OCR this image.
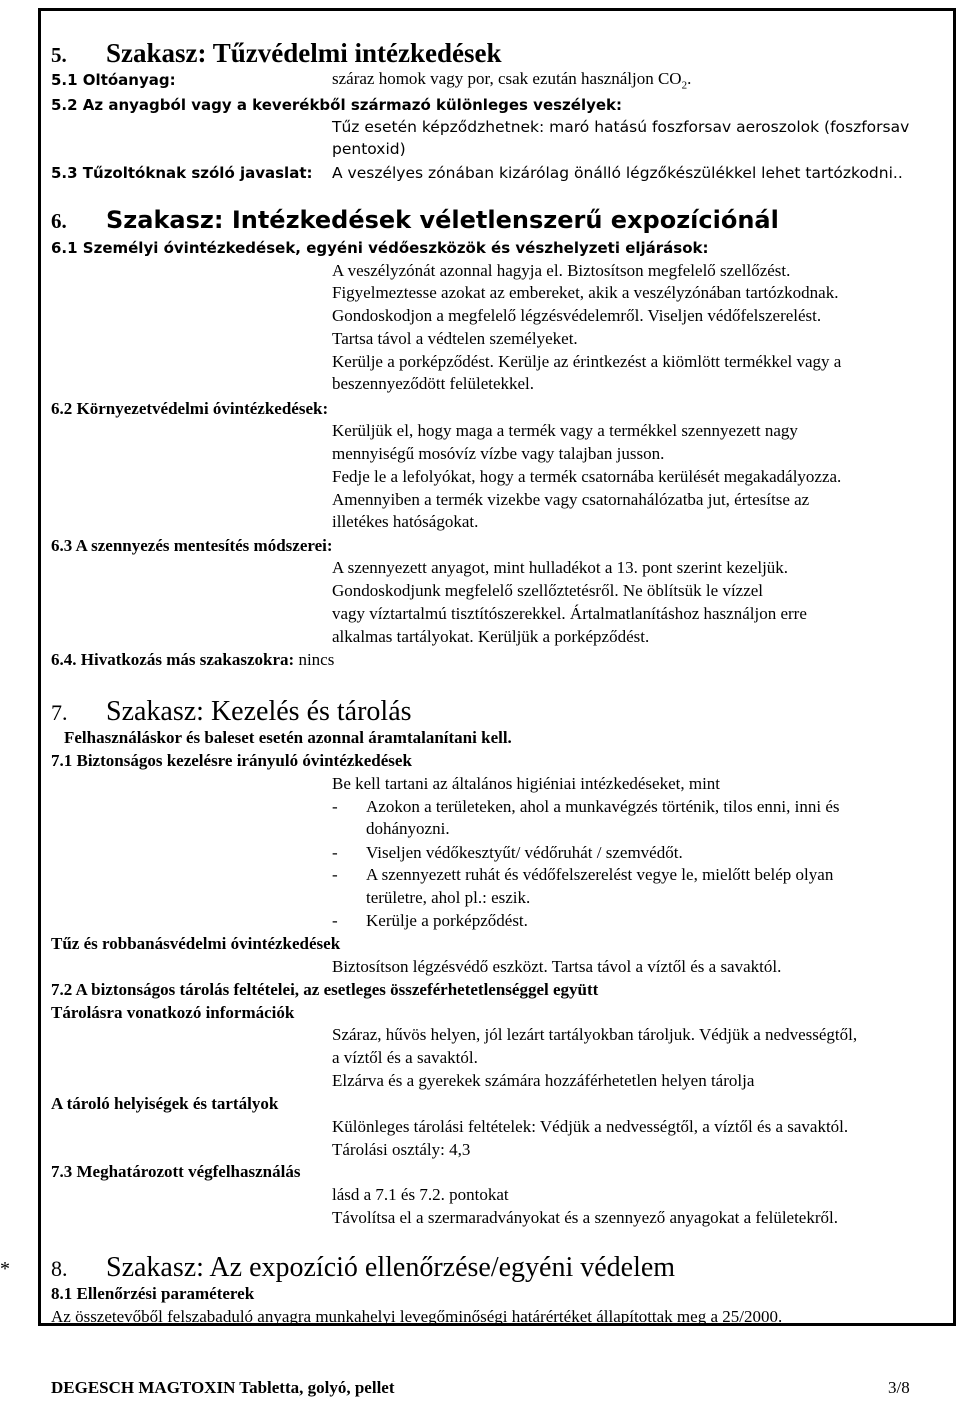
5. Szakasz: Tűzvédelmi intézkedések
5.1 Oltóanyag:	száraz homok vagy por, csak ezután használjon $CO_2$.
5.2 Az anyagból vagy a keverékből származó különleges veszélyek:
Tűz esetén képződzhetnek: maró hatású foszforsav aeroszolok (foszforsav
pentoxid)
5.3 Tűzoltóknak szóló javaslat: A veszélyes zónában kizárólag önálló légzőkészülékkel lehet tartózkodni..
6. Szakasz: Intézkedések véletlenszerű expozíciónál
6.1 Személyi óvintézkedések, egyéni védőeszközök és vészhelyzeti eljárások:
A veszélyzónát azonnal hagyja el. Biztosítson megfelelő szellőzést.
Figyelmeztesse azokat az embereket, akik a veszélyzónában tartózkodnak.
Gondoskodjon a megfelelő légzésvédelemről. Viseljen védőfelszerelést.
Tartsa távol a védtelen személyeket.
Kerülje a porképződést. Kerülje az érintkezést a kiömlött termékkel vagy a
beszennyeződött felületekkel.
6.2 Környezetvédelmi óvintézkedések:
Kerüljük el, hogy maga a termék vagy a termékkel szennyezett nagy
mennyiségű mosóvíz vízbe vagy talajban jusson.
Fedje le a lefolyókat, hogy a termék csatornába kerülését megakadályozza.
Amennyiben a termék vizekbe vagy csatornahálózatba jut, értesítse az
illetékes hatóságokat.
6.3 A szennyezés mentesítés módszerei:
A szennyezett anyagot, mint hulladékot a 13. pont szerint kezeljük.
Gondoskodjunk megfelelő szellőztetésről. Ne öblítsük le vízzel
vagy víztartalmú tisztítószerekkel. Ártalmatlanításhoz használjon erre
alkalmas tartályokat. Kerüljük a porképződést.
6.4. Hivatkozás más szakaszokra: nincs
7. Szakasz: Kezelés és tárolás
Felhasználáskor és baleset esetén azonnal áramtalanítani kell.
7.1 Biztonságos kezelésre irányuló óvintézkedések
Be kell tartani az általános higiéniai intézkedéseket, mint
- Azokon a területeken, ahol a munkavégzés történik, tilos enni, inni és
dohányozni.
- Viseljen védőkesztyűt/ védőruhát / szemvédőt.
- A szennyezett ruhát és védőfelszerelést vegye le, mielőtt belép olyan
területre, ahol pl.: eszik.
- Kerülje a porképződést.
Tűz és robbanásvédelmi óvintézkedések
Biztosítson légzésvédő eszközt. Tartsa távol a víztől és a savaktól.
7.2 A biztonságos tárolás feltételei, az esetleges összeférhetetlenséggel együtt
Tárolásra vonatkozó információk
Száraz, hűvös helyen, jól lezárt tartályokban tároljuk. Védjük a nedvességtől,
a víztől és a savaktól.
Elzárva és a gyerekek számára hozzáférhetetlen helyen tárolja
A tároló helyiségek és tartályok
Különleges tárolási feltételek: Védjük a nedvességtől, a víztől és a savaktól.
Tárolási osztály: 4,3
7.3 Meghatározott végfelhasználás
lásd a 7.1 és 7.2. pontokat
Távolítsa el a szermaradványokat és a szennyező anyagokat a felületekről.
* 8. Szakasz: Az expozíció ellenőrzése/egyéni védelem
8.1 Ellenőrzési paraméterek
Az összetevőből felszabaduló anyagra munkahelyi levegőminőségi határértéket állapítottak meg a 25/2000.
DEGESCH MAGTOXIN Tabletta, golyó, pellet	3/8
